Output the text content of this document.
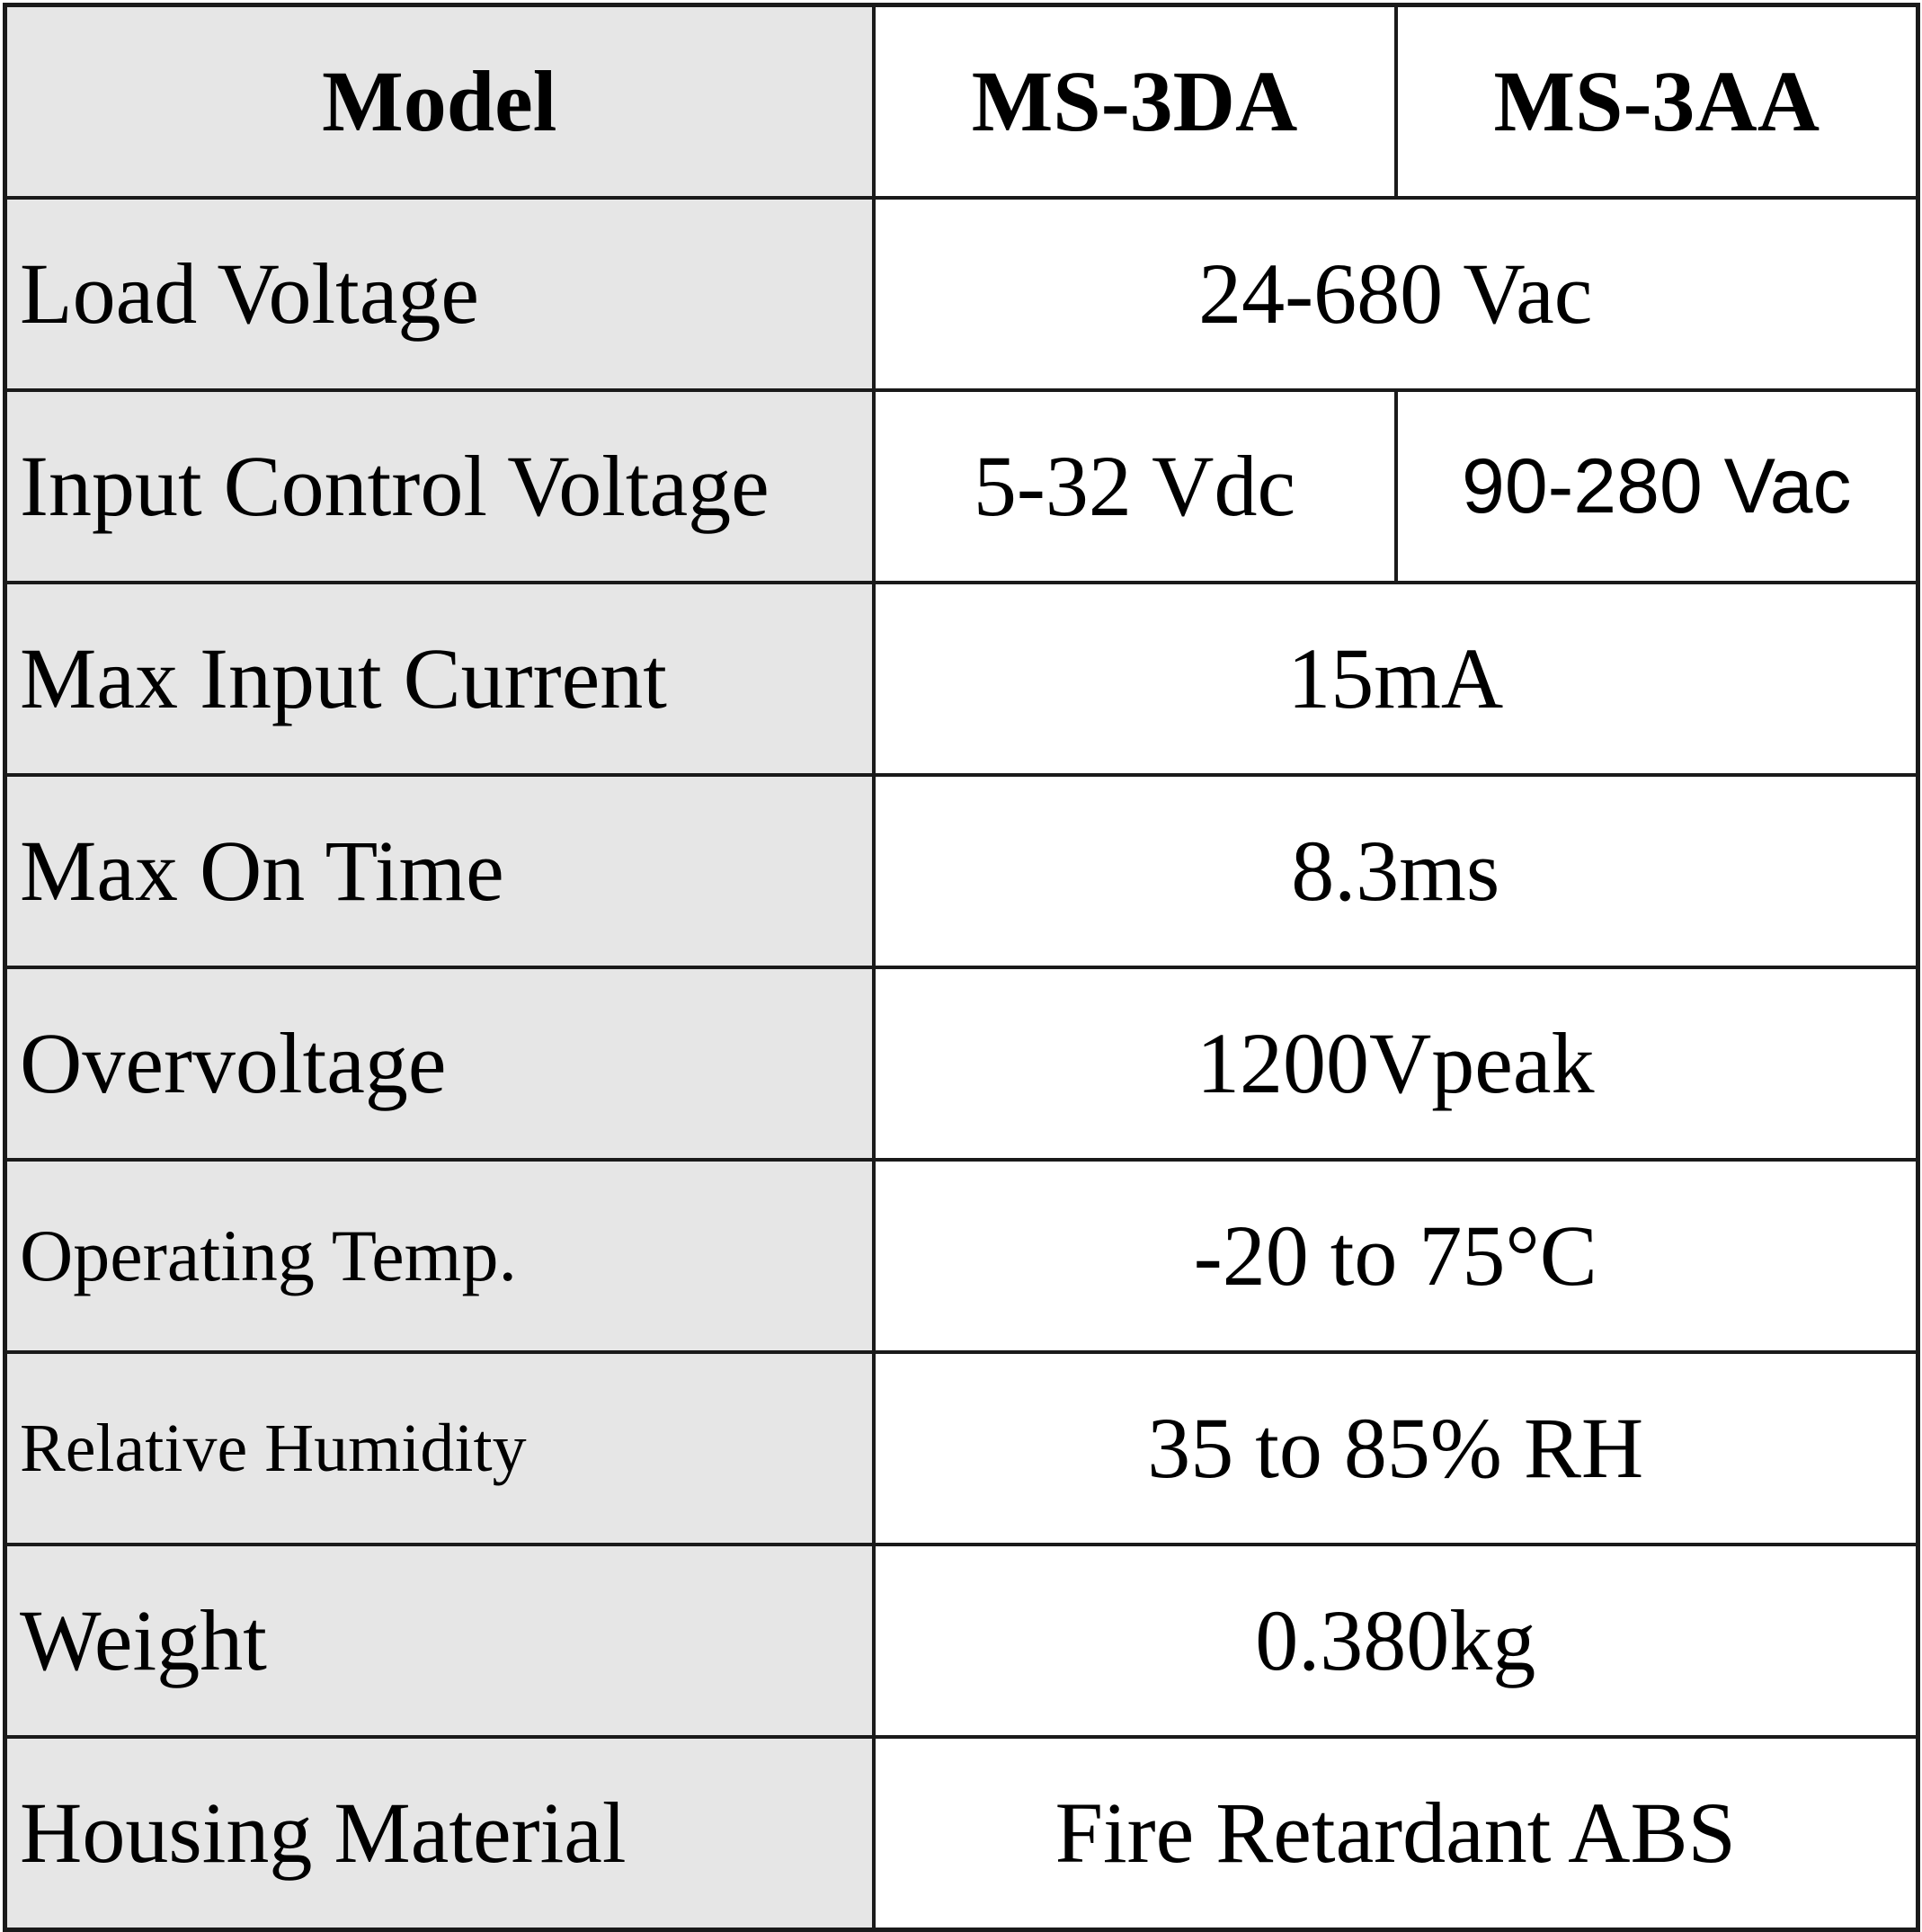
Model	MS-3DA	MS-3AA
Load Voltage	24-680 Vac	
Input Control Voltage	5-32 Vdc	90-280 Vac
Max Input Current	15mA	
Max On Time	8.3ms	
Overvoltage	1200Vpeak	
Operating Temp.	-20 to 75°C	
Relative Humidity	35 to 85% RH	
Weight	0.380kg	
Housing Material	Fire Retardant ABS	
